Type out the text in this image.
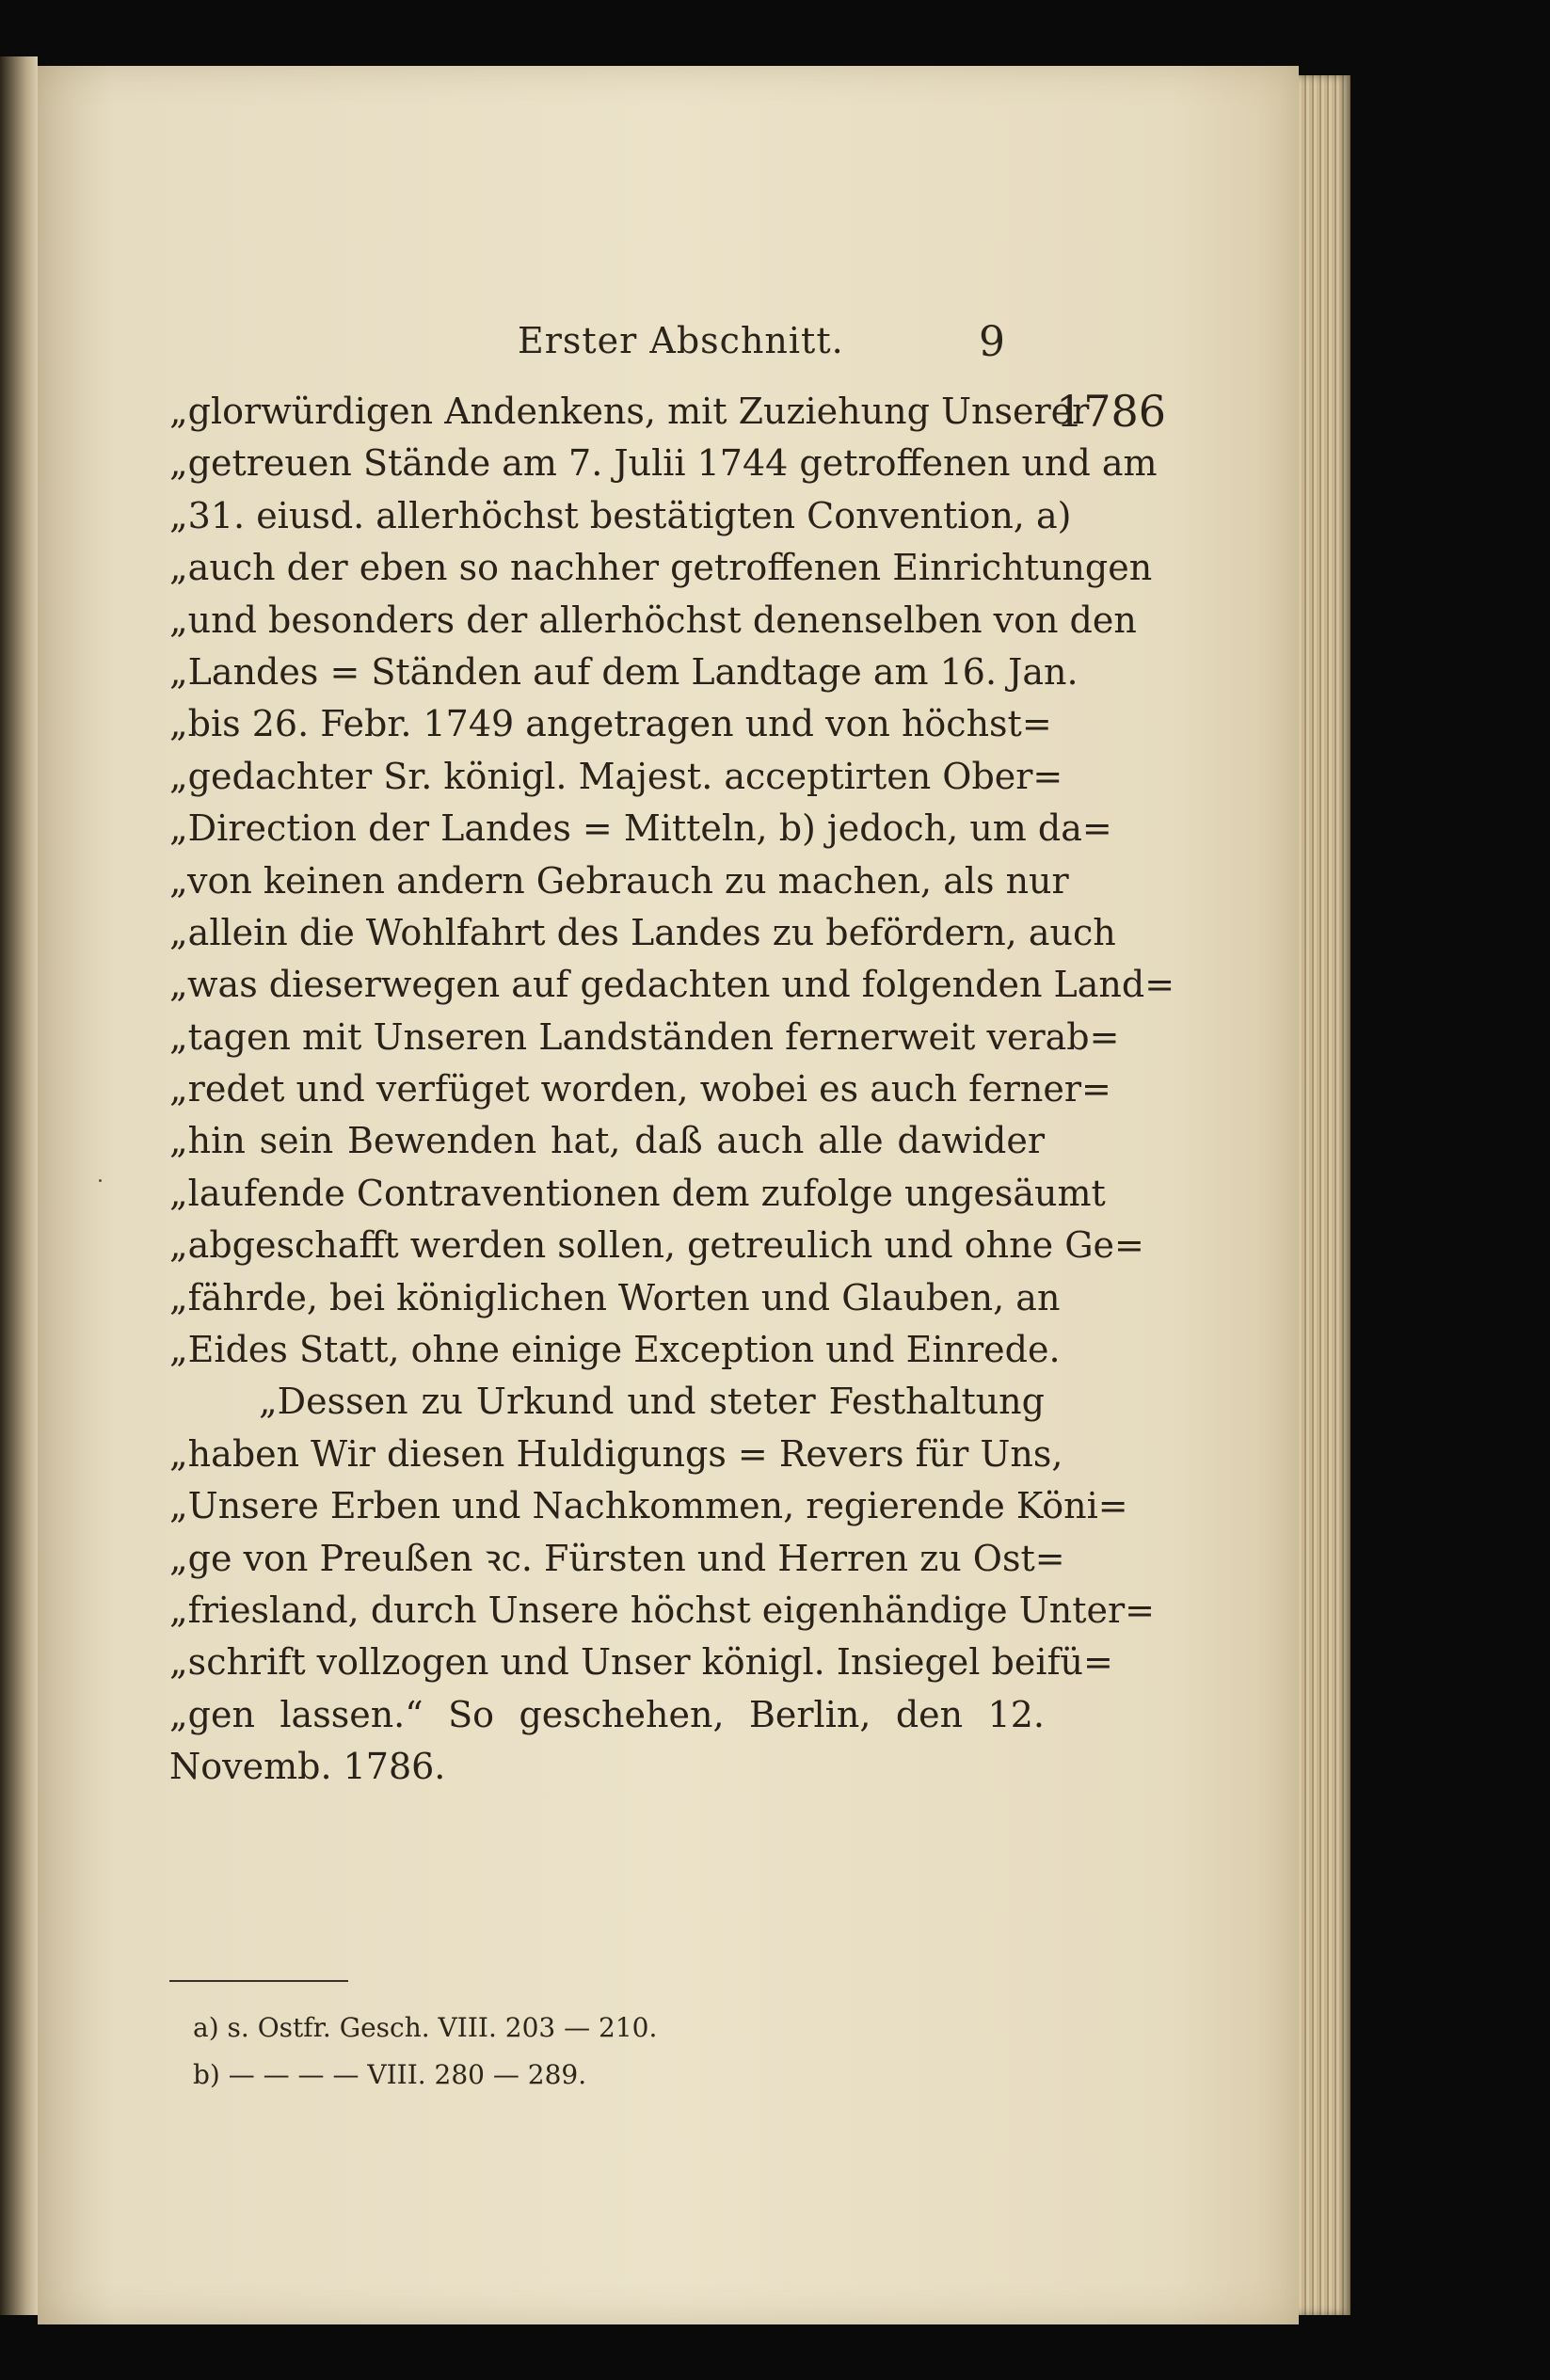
Erster Abschnitt.	9
1786
„glorwürdigen Andenkens, mit Zuziehung Unserer
„getreuen Stände am 7. Julii 1744 getroffenen und am
„31. eiusd. allerhöchst bestätigten Convention, a)
„auch der eben so nachher getroffenen Einrichtungen
„und besonders der allerhöchst denenselben von den
„Landes = Ständen auf dem Landtage am 16. Jan.
„bis 26. Febr. 1749 angetragen und von höchst=
„gedachter Sr. königl. Majest. acceptirten Ober=
„Direction der Landes = Mitteln, b) jedoch, um da=
„von keinen andern Gebrauch zu machen, als nur
„allein die Wohlfahrt des Landes zu befördern, auch
„was dieserwegen auf gedachten und folgenden Land=
„tagen mit Unseren Landständen fernerweit verab=
„redet und verfüget worden, wobei es auch ferner=
„hin sein Bewenden hat, daß auch alle dawider
„laufende Contraventionen dem zufolge ungesäumt
„abgeschafft werden sollen, getreulich und ohne Ge=
„fährde, bei königlichen Worten und Glauben, an
„Eides Statt, ohne einige Exception und Einrede.
„Dessen zu Urkund und steter Festhaltung
„haben Wir diesen Huldigungs = Revers für Uns,
„Unsere Erben und Nachkommen, regierende Köni=
„ge von Preußen ꝛc. Fürsten und Herren zu Ost=
„friesland, durch Unsere höchst eigenhändige Unter=
„schrift vollzogen und Unser königl. Insiegel beifü=
„gen lassen.“ So geschehen, Berlin, den 12.
Novemb. 1786.
˙
a) s. Ostfr. Gesch. VIII. 203 — 210.
b) — — — — VIII. 280 — 289.
